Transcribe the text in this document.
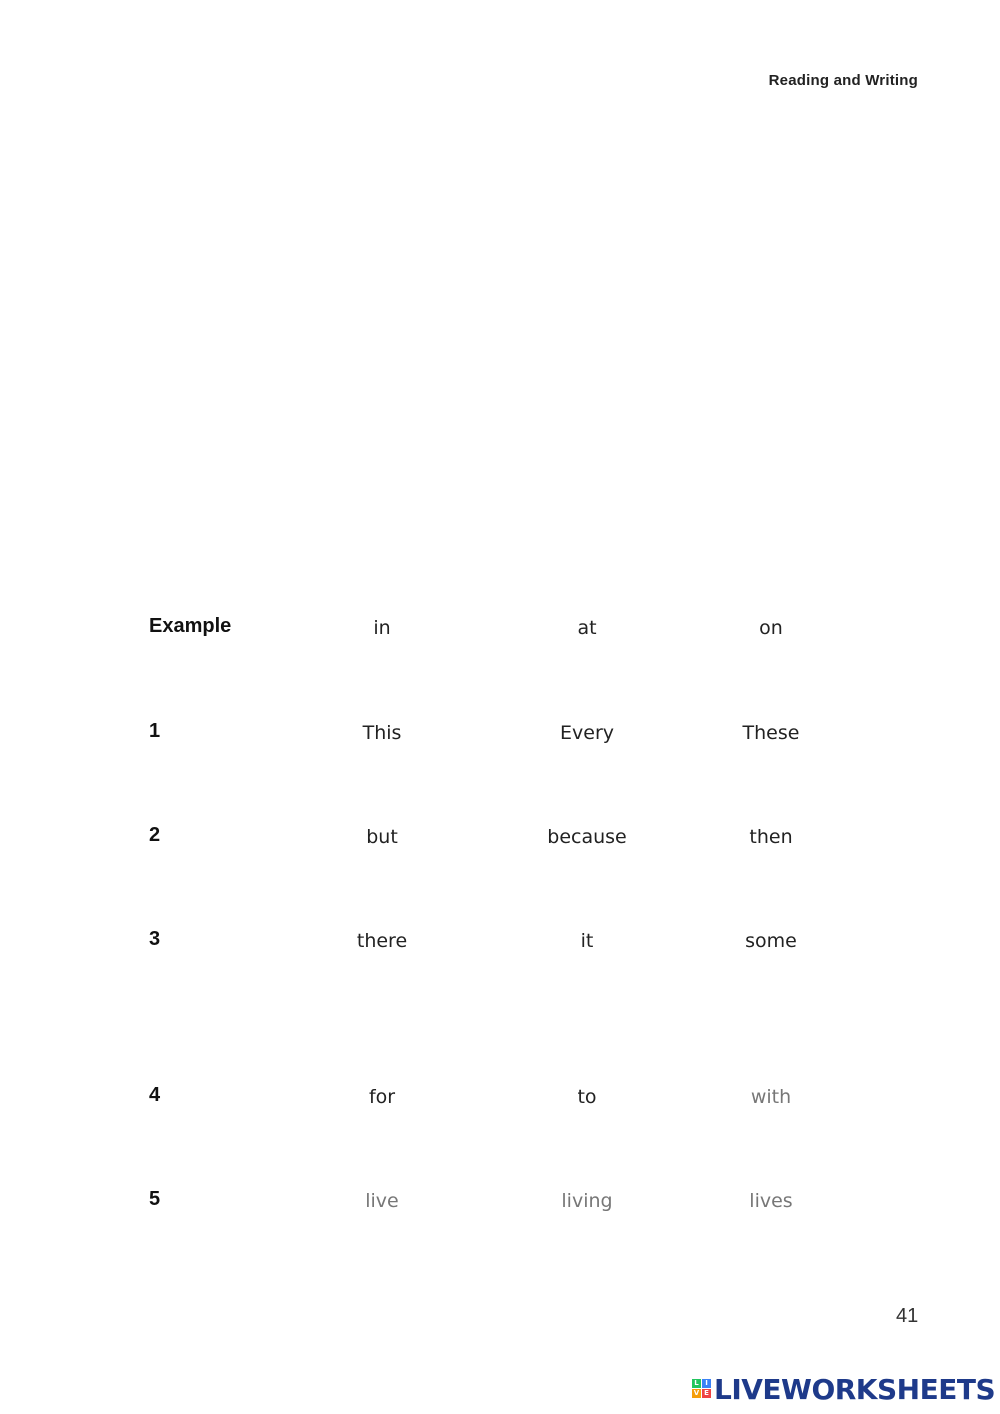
Reading and Writing
Example	in	at	on
1	This	Every	These
2	but	because	then
3	there	it	some
4	for	to	with
5	live	living	lives
41
L I
V E LIVEWORKSHEETS
